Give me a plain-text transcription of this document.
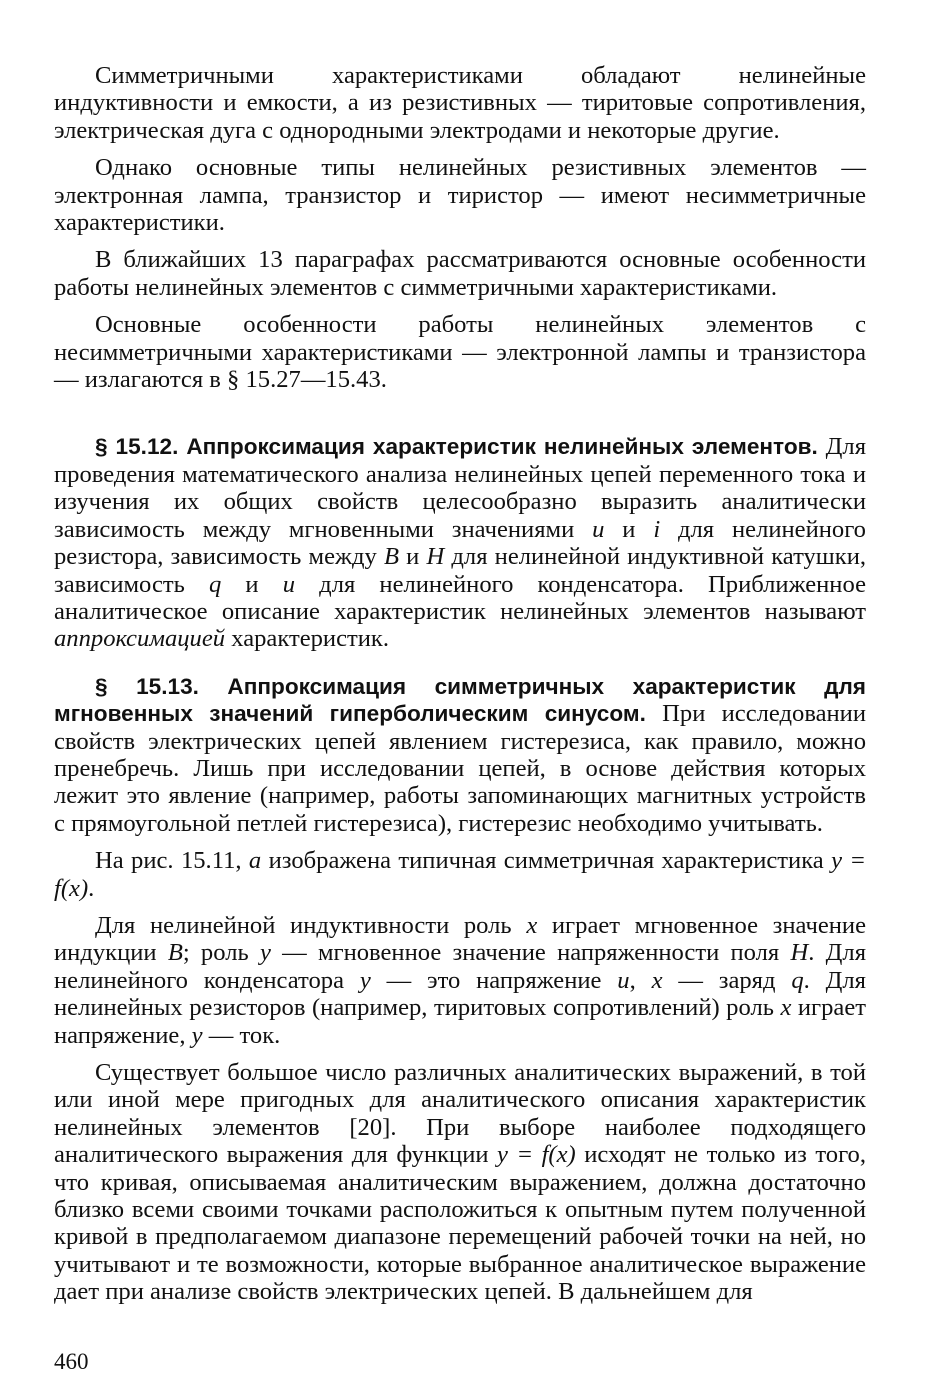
Симметричными характеристиками обладают нелинейные индуктивности и емкости, а из резистивных — тиритовые сопротивления, электрическая дуга с однородными электродами и некоторые другие.

Однако основные типы нелинейных резистивных элементов — электронная лампа, транзистор и тиристор — имеют несимметричные характеристики.

В ближайших 13 параграфах рассматриваются основные особенности работы нелинейных элементов с симметричными характеристиками.

Основные особенности работы нелинейных элементов с несимметричными характеристиками — электронной лампы и транзистора — излагаются в § 15.27—15.43.

§ 15.12. Аппроксимация характеристик нелинейных элементов. Для проведения математического анализа нелинейных цепей переменного тока и изучения их общих свойств целесообразно выразить аналитически зависимость между мгновенными значениями u и i для нелинейного резистора, зависимость между B и H для нелинейной индуктивной катушки, зависимость q и u для нелинейного конденсатора. Приближенное аналитическое описание характеристик нелинейных элементов называют аппроксимацией характеристик.

§ 15.13. Аппроксимация симметричных характеристик для мгновенных значений гиперболическим синусом. При исследовании свойств электрических цепей явлением гистерезиса, как правило, можно пренебречь. Лишь при исследовании цепей, в основе действия которых лежит это явление (например, работы запоминающих магнитных устройств с прямоугольной петлей гистерезиса), гистерезис необходимо учитывать.

На рис. 15.11, а изображена типичная симметричная характеристика y = f(x).

Для нелинейной индуктивности роль x играет мгновенное значение индукции B; роль y — мгновенное значение напряженности поля H. Для нелинейного конденсатора y — это напряжение u, x — заряд q. Для нелинейных резисторов (например, тиритовых сопротивлений) роль x играет напряжение, y — ток.

Существует большое число различных аналитических выражений, в той или иной мере пригодных для аналитического описания характеристик нелинейных элементов [20]. При выборе наиболее подходящего аналитического выражения для функции y = f(x) исходят не только из того, что кривая, описываемая аналитическим выражением, должна достаточно близко всеми своими точками расположиться к опытным путем полученной кривой в предполагаемом диапазоне перемещений рабочей точки на ней, но учитывают и те возможности, которые выбранное аналитическое выражение дает при анализе свойств электрических цепей. В дальнейшем для

460
